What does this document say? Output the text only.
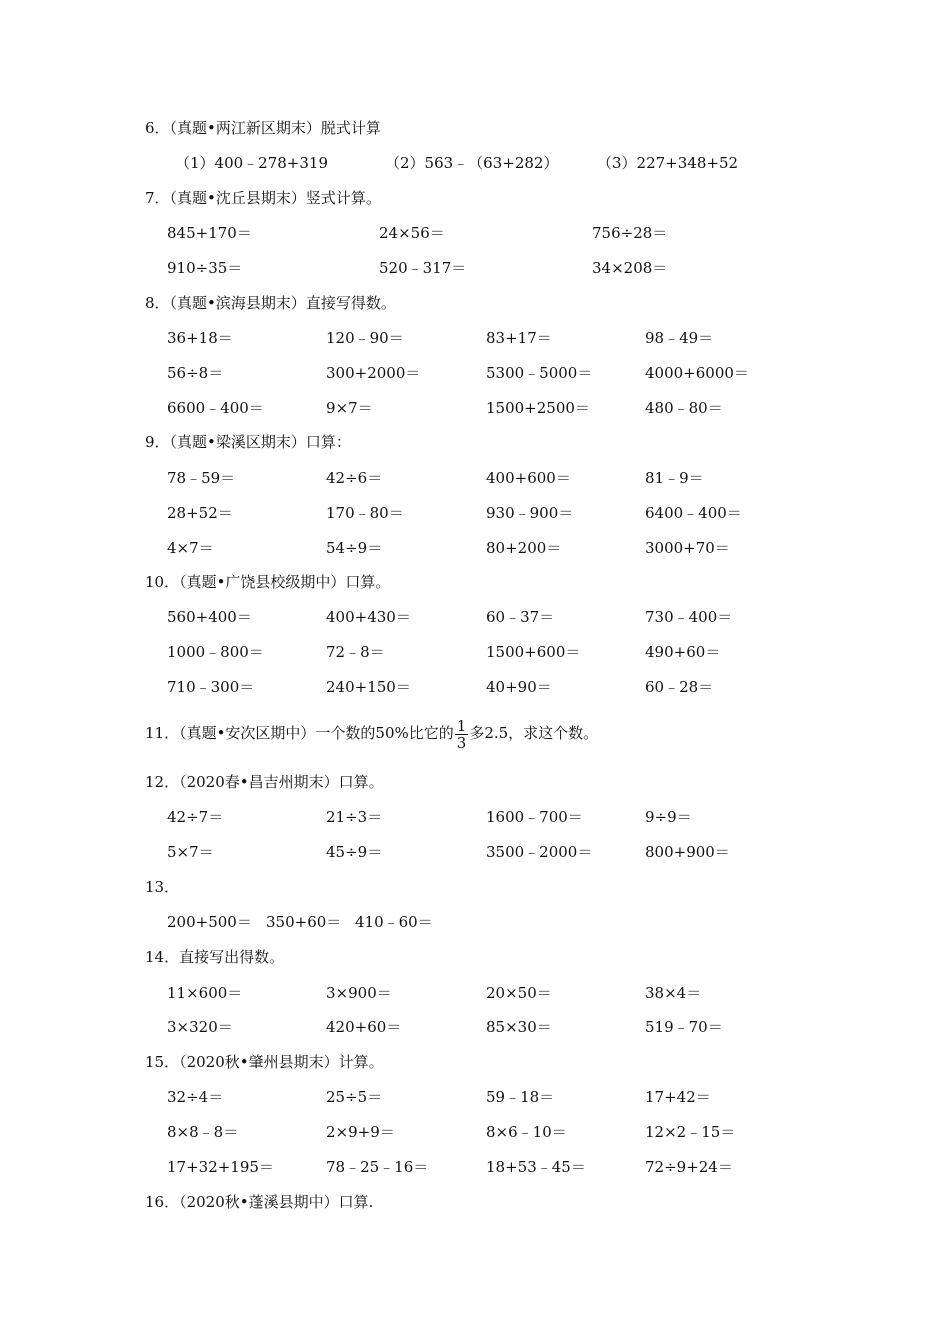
6．（真题•两江新区期末）脱式计算
（1）400﹣278+319	（2）563﹣（63+282）	（3）227+348+52
7．（真题•沈丘县期末）竖式计算。
845+170＝	24×56＝	756÷28＝
910÷35＝	520﹣317＝	34×208＝
8．（真题•滨海县期末）直接写得数。
36+18＝	120﹣90＝	83+17＝	98﹣49＝
56÷8＝	300+2000＝	5300﹣5000＝	4000+6000＝
6600﹣400＝	9×7＝	1500+2500＝	480﹣80＝
9．（真题•梁溪区期末）口算：
78﹣59＝	42÷6＝	400+600＝	81﹣9＝
28+52＝	170﹣80＝	930﹣900＝	6400﹣400＝
4×7＝	54÷9＝	80+200＝	3000+70＝
10．（真题•广饶县校级期中）口算。
560+400＝	400+430＝	60﹣37＝	730﹣400＝
1000﹣800＝	72﹣8＝	1500+600＝	490+60＝
710﹣300＝	240+150＝	40+90＝	60﹣28＝
11．（真题•安次区期中）一个数的50%比它的 $\frac{1}{3}$ 多2.5，求这个数。
12．（2020春•昌吉州期末）口算。
42÷7＝	21÷3＝	1600﹣700＝	9÷9＝
5×7＝	45÷9＝	3500﹣2000＝	800+900＝
13．
200+500＝ 350+60＝ 410﹣60＝
14．直接写出得数。
11×600＝	3×900＝	20×50＝	38×4＝
3×320＝	420+60＝	85×30＝	519﹣70＝
15．（2020秋•肇州县期末）计算。
32÷4＝	25÷5＝	59﹣18＝	17+42＝
8×8﹣8＝	2×9+9＝	8×6﹣10＝	12×2﹣15＝
17+32+195＝	78﹣25﹣16＝	18+53﹣45＝	72÷9+24＝
16．（2020秋•蓬溪县期中）口算.
